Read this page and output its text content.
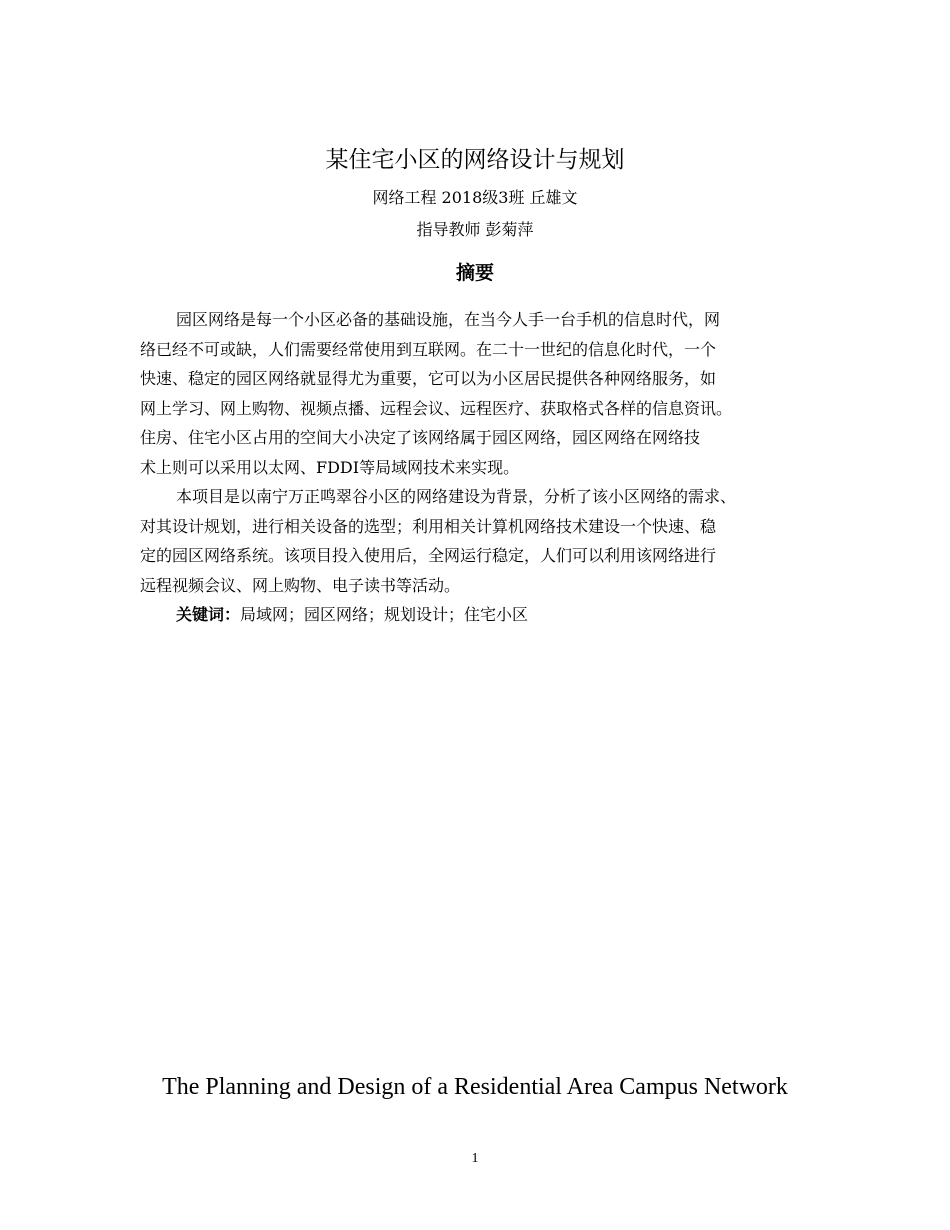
某住宅小区的网络设计与规划
网络工程 2018级3班 丘雄文
指导教师 彭菊萍
摘要
园区网络是每一个小区必备的基础设施，在当今人手一台手机的信息时代，网
络已经不可或缺，人们需要经常使用到互联网。在二十一世纪的信息化时代，一个
快速、稳定的园区网络就显得尤为重要，它可以为小区居民提供各种网络服务，如
网上学习、网上购物、视频点播、远程会议、远程医疗、获取格式各样的信息资讯。
住房、住宅小区占用的空间大小决定了该网络属于园区网络，园区网络在网络技
术上则可以采用以太网、FDDI等局域网技术来实现。
本项目是以南宁万正鸣翠谷小区的网络建设为背景，分析了该小区网络的需求、
对其设计规划，进行相关设备的选型；利用相关计算机网络技术建设一个快速、稳
定的园区网络系统。该项目投入使用后，全网运行稳定，人们可以利用该网络进行
远程视频会议、网上购物、电子读书等活动。
关键词：局域网；园区网络；规划设计；住宅小区
The Planning and Design of a Residential Area Campus Network
1
